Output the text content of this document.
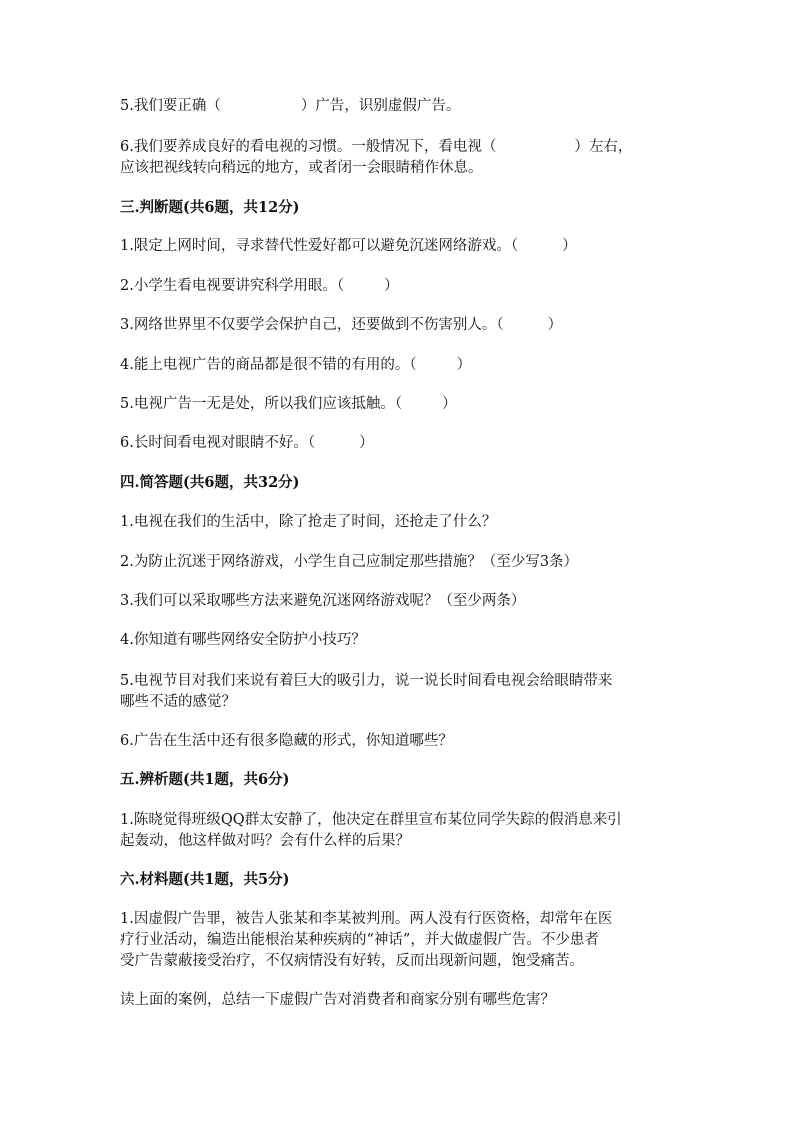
5.我们要正确（	）广告，识别虚假广告。
6.我们要养成良好的看电视的习惯。一般情况下，看电视（	）左右，
应该把视线转向稍远的地方，或者闭一会眼睛稍作休息。
三.判断题(共6题，共12分)
1.限定上网时间，寻求替代性爱好都可以避免沉迷网络游戏。（	）
2.小学生看电视要讲究科学用眼。（	）
3.网络世界里不仅要学会保护自己，还要做到不伤害别人。（	）
4.能上电视广告的商品都是很不错的有用的。（	）
5.电视广告一无是处，所以我们应该抵触。（	）
6.长时间看电视对眼睛不好。（	）
四.简答题(共6题，共32分)
1.电视在我们的生活中，除了抢走了时间，还抢走了什么？
2.为防止沉迷于网络游戏，小学生自己应制定那些措施？（至少写3条）
3.我们可以采取哪些方法来避免沉迷网络游戏呢？（至少两条）
4.你知道有哪些网络安全防护小技巧？
5.电视节目对我们来说有着巨大的吸引力，说一说长时间看电视会给眼睛带来
哪些不适的感觉？
6.广告在生活中还有很多隐藏的形式，你知道哪些？
五.辨析题(共1题，共6分)
1.陈晓觉得班级QQ群太安静了，他决定在群里宣布某位同学失踪的假消息来引
起轰动，他这样做对吗？会有什么样的后果？
六.材料题(共1题，共5分)
1.因虚假广告罪，被告人张某和李某被判刑。两人没有行医资格，却常年在医
疗行业活动，编造出能根治某种疾病的“神话”，并大做虚假广告。不少患者
受广告蒙蔽接受治疗，不仅病情没有好转，反而出现新问题，饱受痛苦。
读上面的案例，总结一下虚假广告对消费者和商家分别有哪些危害？
